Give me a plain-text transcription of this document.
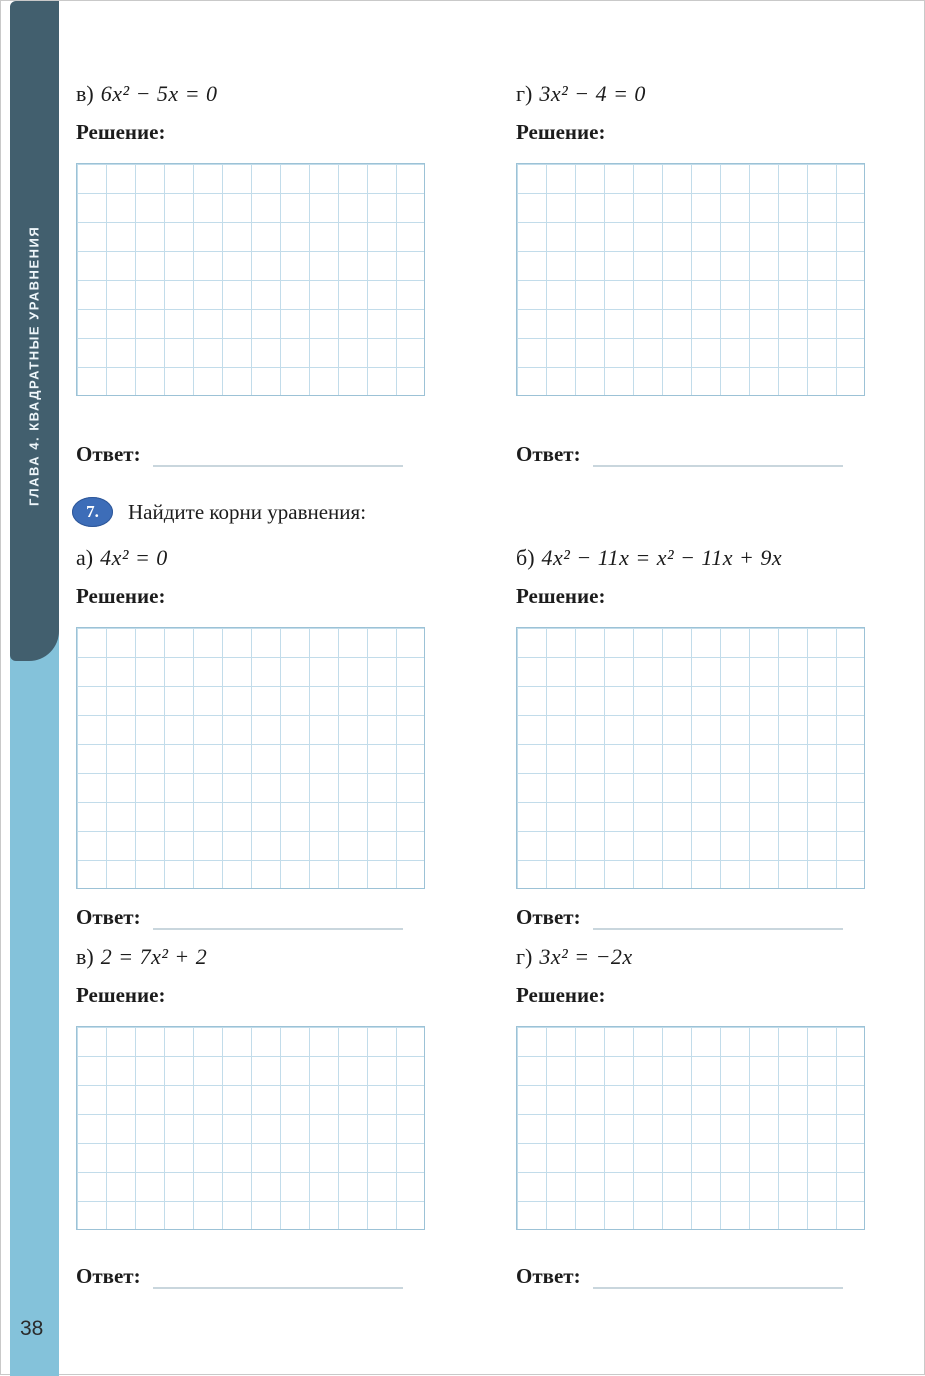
ГЛАВА 4. КВАДРАТНЫЕ УРАВНЕНИЯ
38

в) 6x² − 5x = 0

Решение:

Ответ:

г) 3x² − 4 = 0

Решение:

Ответ:
7.	Найдите корни уравнения:

а) 4x² = 0

Решение:

Ответ:

б) 4x² − 11x = x² − 11x + 9x

Решение:

Ответ:

в) 2 = 7x² + 2

Решение:

Ответ:

г) 3x² = −2x

Решение:

Ответ:
